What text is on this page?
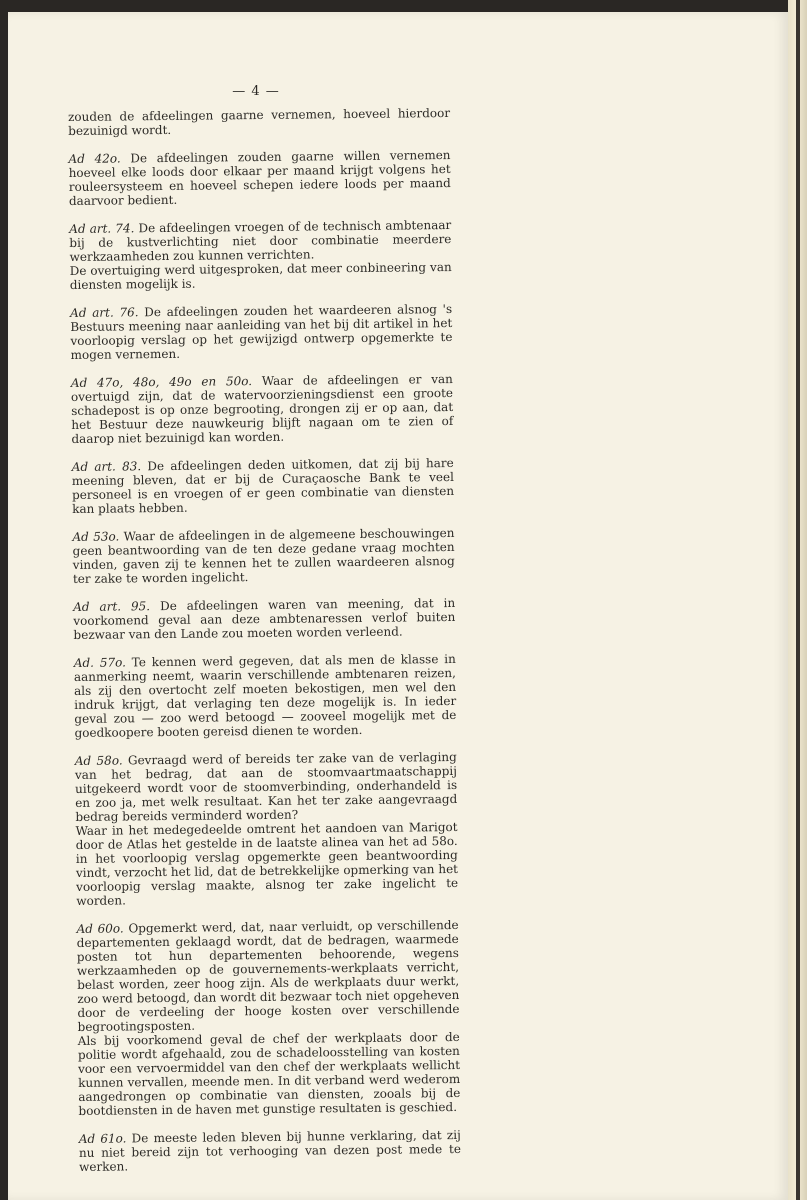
— 4 —

zouden de afdeelingen gaarne vernemen, hoeveel hierdoor bezuinigd wordt.

Ad 42o. De afdeelingen zouden gaarne willen vernemen hoeveel elke loods door elkaar per maand krijgt volgens het rouleersysteem en hoeveel schepen iedere loods per maand daarvoor bedient.

Ad art. 74. De afdeelingen vroegen of de technisch ambtenaar bij de kustverlichting niet door combinatie meerdere werkzaamheden zou kunnen verrichten.

De overtuiging werd uitgesproken, dat meer conbineering van diensten mogelijk is.

Ad art. 76. De afdeelingen zouden het waardeeren alsnog 's Bestuurs meening naar aanleiding van het bij dit artikel in het voorloopig verslag op het gewijzigd ontwerp opgemerkte te mogen vernemen.

Ad 47o, 48o, 49o en 50o. Waar de afdeelingen er van overtuigd zijn, dat de watervoorzieningsdienst een groote schadepost is op onze begrooting, drongen zij er op aan, dat het Bestuur deze nauwkeurig blijft nagaan om te zien of daarop niet bezuinigd kan worden.

Ad art. 83. De afdeelingen deden uitkomen, dat zij bij hare meening bleven, dat er bij de Curaçaosche Bank te veel personeel is en vroegen of er geen combinatie van diensten kan plaats hebben.

Ad 53o. Waar de afdeelingen in de algemeene beschouwingen geen beantwoording van de ten deze gedane vraag mochten vinden, gaven zij te kennen het te zullen waardeeren alsnog ter zake te worden ingelicht.

Ad art. 95. De afdeelingen waren van meening, dat in voorkomend geval aan deze ambtenaressen verlof buiten bezwaar van den Lande zou moeten worden verleend.

Ad. 57o. Te kennen werd gegeven, dat als men de klasse in aanmerking neemt, waarin verschillende ambtenaren reizen, als zij den overtocht zelf moeten bekostigen, men wel den indruk krijgt, dat verlaging ten deze mogelijk is. In ieder geval zou — zoo werd betoogd — zooveel mogelijk met de goedkoopere booten gereisd dienen te worden.

Ad 58o. Gevraagd werd of bereids ter zake van de verlaging van het bedrag, dat aan de stoomvaartmaatschappij uitgekeerd wordt voor de stoomverbinding, onderhandeld is en zoo ja, met welk resultaat. Kan het ter zake aangevraagd bedrag bereids verminderd worden?

Waar in het medegedeelde omtrent het aandoen van Marigot door de Atlas het gestelde in de laatste alinea van het ad 58o. in het voorloopig verslag opgemerkte geen beantwoording vindt, verzocht het lid, dat de betrekkelijke opmerking van het voorloopig verslag maakte, alsnog ter zake ingelicht te worden.

Ad 60o. Opgemerkt werd, dat, naar verluidt, op verschillende departementen geklaagd wordt, dat de bedragen, waarmede posten tot hun departementen behoorende, wegens werkzaamheden op de gouvernements-werkplaats verricht, belast worden, zeer hoog zijn. Als de werkplaats duur werkt, zoo werd betoogd, dan wordt dit bezwaar toch niet opgeheven door de verdeeling der hooge kosten over verschillende begrootingsposten.

Als bij voorkomend geval de chef der werkplaats door de politie wordt afgehaald, zou de schadeloosstelling van kosten voor een vervoermiddel van den chef der werkplaats wellicht kunnen vervallen, meende men. In dit verband werd wederom aangedrongen op combinatie van diensten, zooals bij de bootdiensten in de haven met gunstige resultaten is geschied.

Ad 61o. De meeste leden bleven bij hunne verklaring, dat zij nu niet bereid zijn tot verhooging van dezen post mede te werken.
